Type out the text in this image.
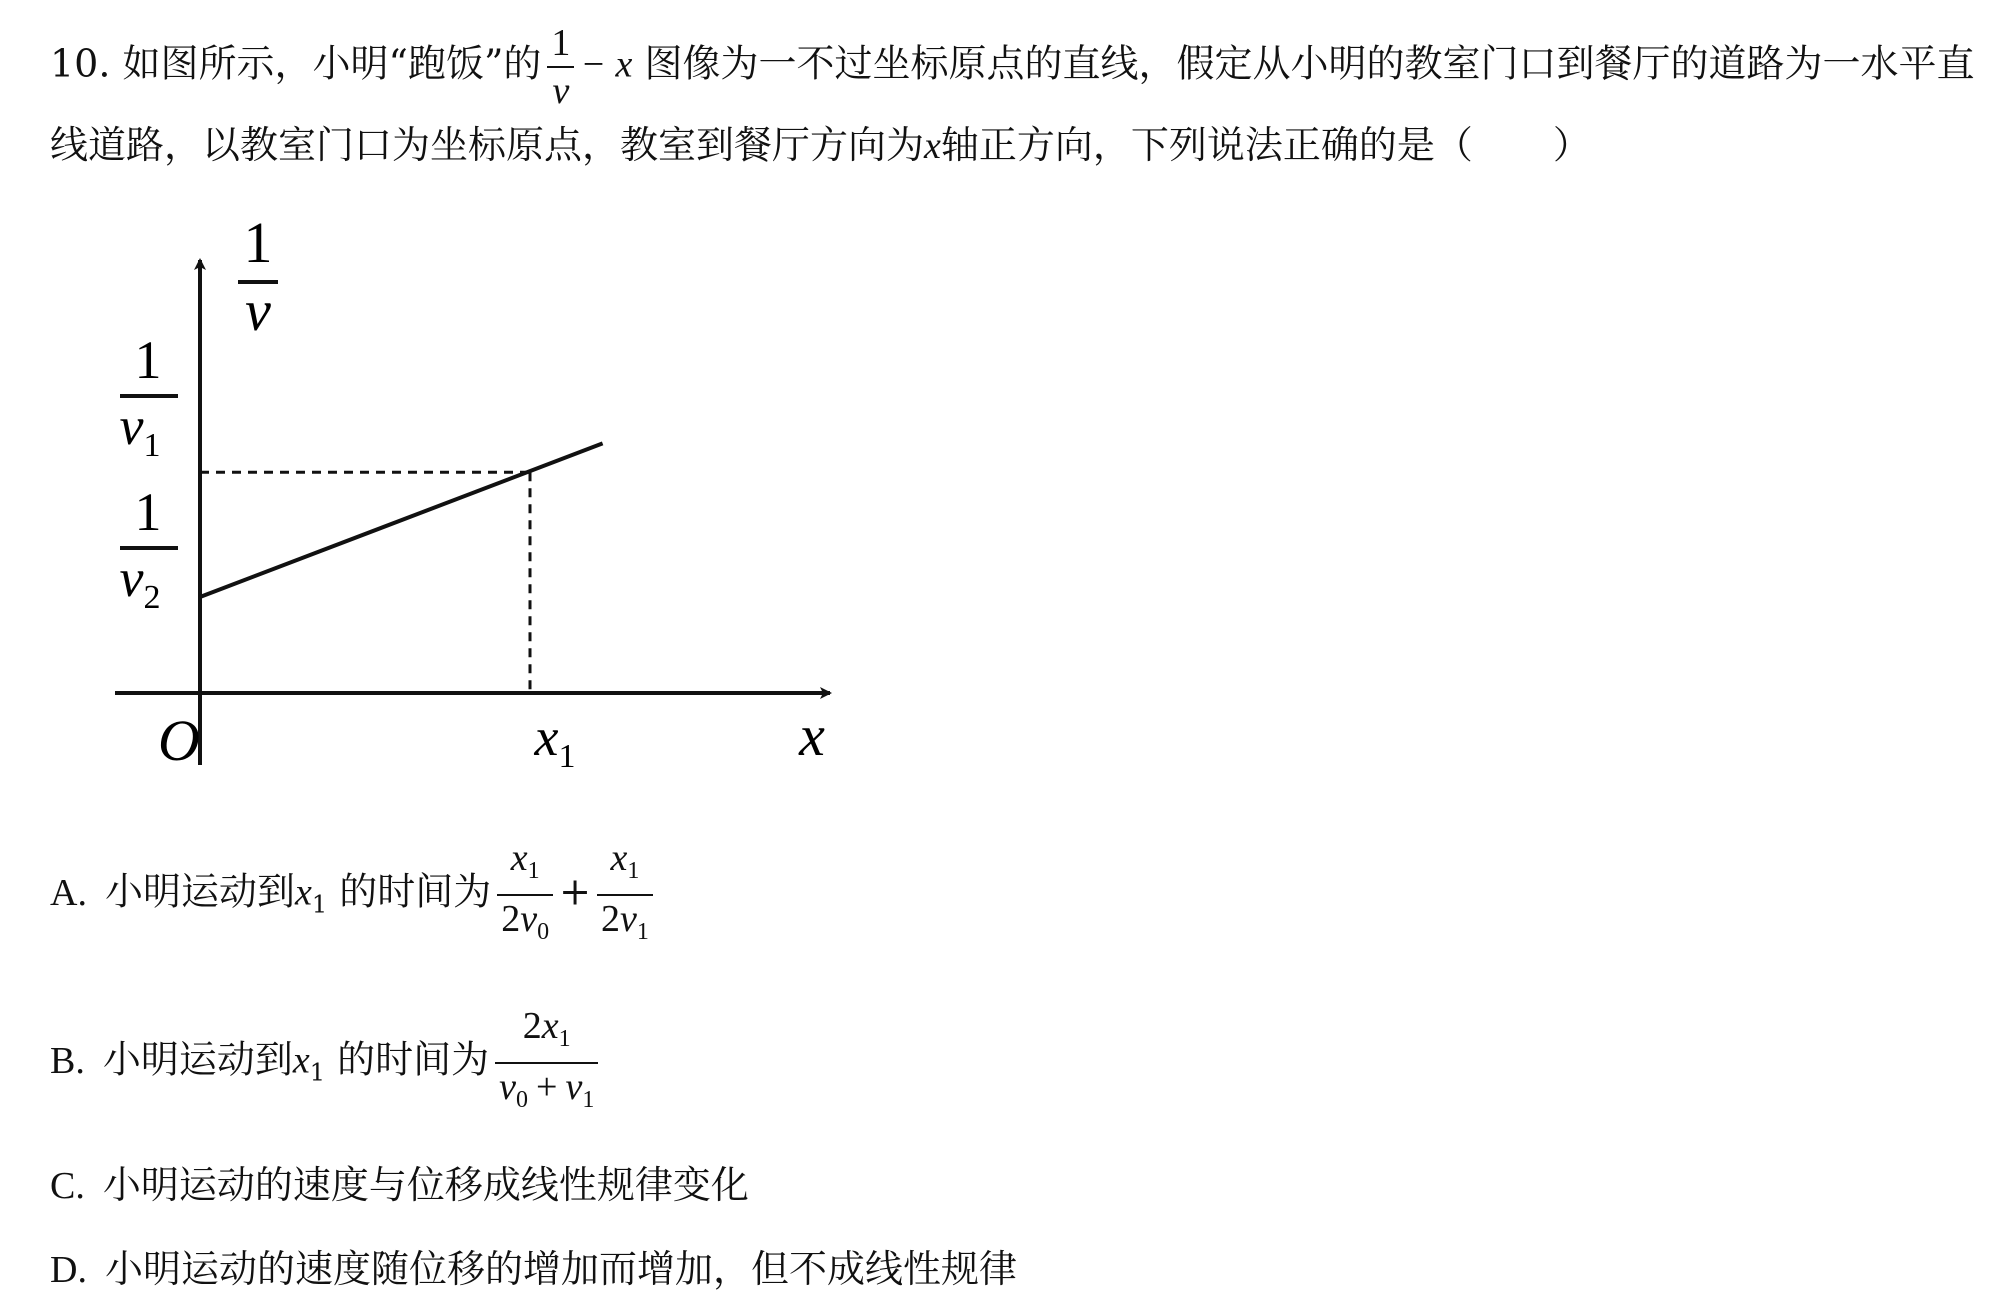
10. 如图所示，小明“跑饭”的 $\frac{1}{v} - x$ 图像为一不过坐标原点的直线，假定从小明的教室门口到餐厅的道路为一水平直
线道路，以教室门口为坐标原点，教室到餐厅方向为x轴正方向，下列说法正确的是（ ）
1
v
1
$v_1$
1
$v_2$
O	$x_1$	x
A. 小明运动到$x_1$ 的时间为 $\frac{x_1}{2v_0} + \frac{x_1}{2v_1}$
B. 小明运动到$x_1$ 的时间为 $\frac{2x_1}{v_0 + v_1}$
C. 小明运动的速度与位移成线性规律变化
D. 小明运动的速度随位移的增加而增加，但不成线性规律
